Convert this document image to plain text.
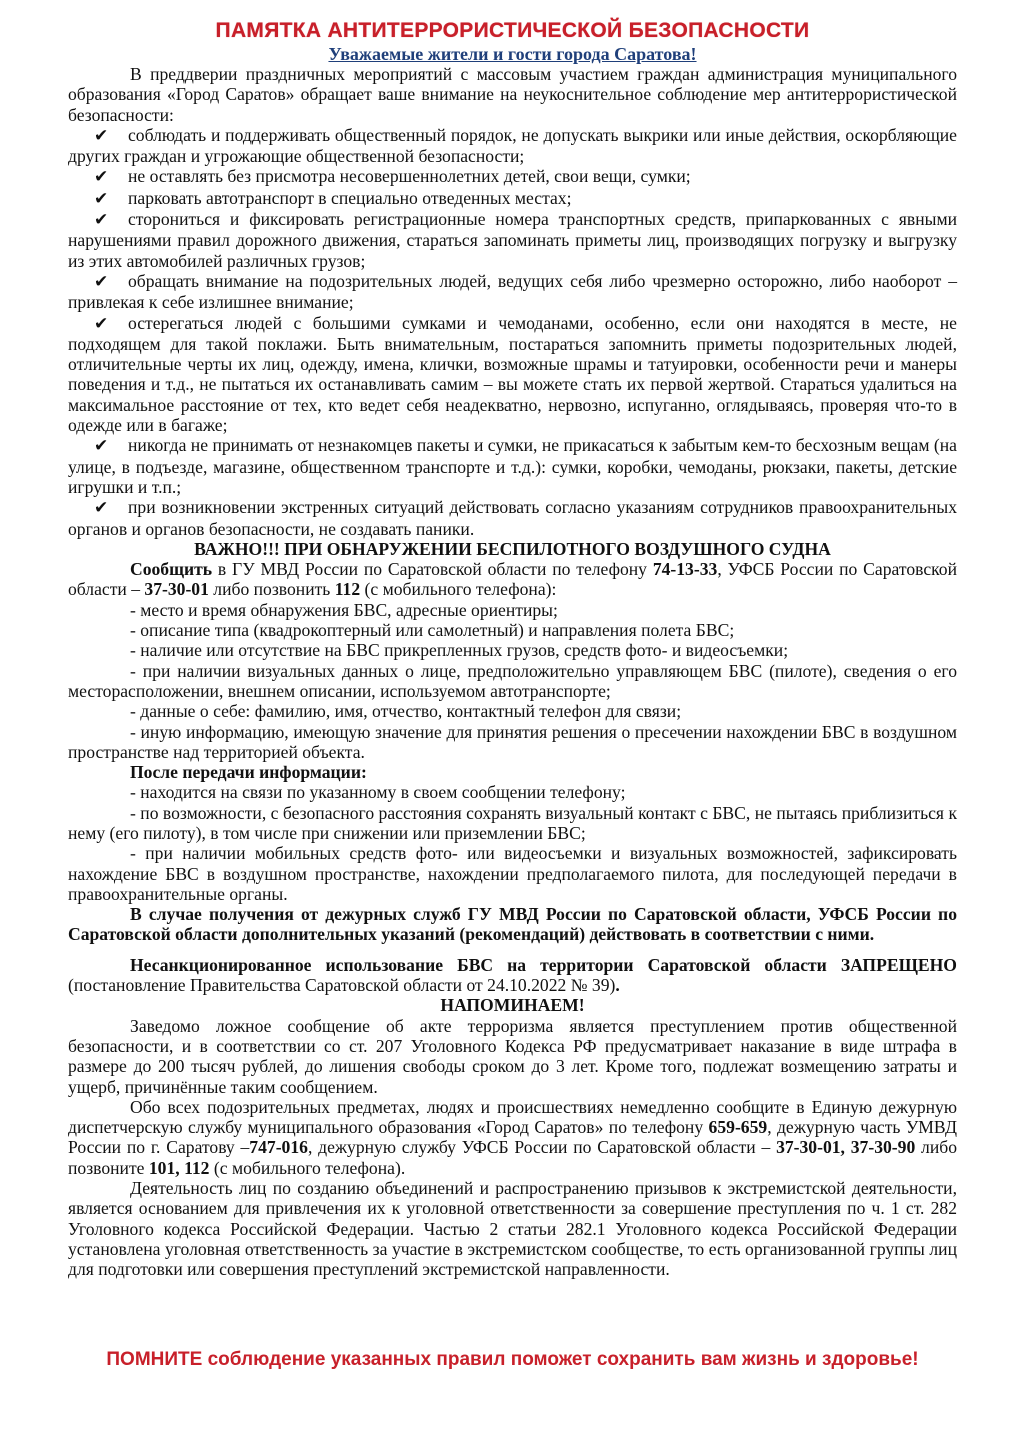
ПАМЯТКА АНТИТЕРРОРИСТИЧЕСКОЙ БЕЗОПАСНОСТИ
Уважаемые жители и гости города Саратова!

В преддверии праздничных мероприятий с массовым участием граждан администрация муниципального образования «Город Саратов» обращает ваше внимание на неукоснительное соблюдение мер антитеррористической безопасности:

✔ соблюдать и поддерживать общественный порядок, не допускать выкрики или иные действия, оскорбляющие других граждан и угрожающие общественной безопасности;

✔ не оставлять без присмотра несовершеннолетних детей, свои вещи, сумки;

✔ парковать автотранспорт в специально отведенных местах;

✔ сторониться и фиксировать регистрационные номера транспортных средств, припаркованных с явными нарушениями правил дорожного движения, стараться запоминать приметы лиц, производящих погрузку и выгрузку из этих автомобилей различных грузов;

✔ обращать внимание на подозрительных людей, ведущих себя либо чрезмерно осторожно, либо наоборот – привлекая к себе излишнее внимание;

✔ остерегаться людей с большими сумками и чемоданами, особенно, если они находятся в месте, не подходящем для такой поклажи. Быть внимательным, постараться запомнить приметы подозрительных людей, отличительные черты их лиц, одежду, имена, клички, возможные шрамы и татуировки, особенности речи и манеры поведения и т.д., не пытаться их останавливать самим – вы можете стать их первой жертвой. Стараться удалиться на максимальное расстояние от тех, кто ведет себя неадекватно, нервозно, испуганно, оглядываясь, проверяя что-то в одежде или в багаже;

✔ никогда не принимать от незнакомцев пакеты и сумки, не прикасаться к забытым кем-то бесхозным вещам (на улице, в подъезде, магазине, общественном транспорте и т.д.): сумки, коробки, чемоданы, рюкзаки, пакеты, детские игрушки и т.п.;

✔ при возникновении экстренных ситуаций действовать согласно указаниям сотрудников правоохранительных органов и органов безопасности, не создавать паники.

ВАЖНО!!! ПРИ ОБНАРУЖЕНИИ БЕСПИЛОТНОГО ВОЗДУШНОГО СУДНА

Сообщить в ГУ МВД России по Саратовской области по телефону 74-13-33, УФСБ России по Саратовской области – 37-30-01 либо позвонить 112 (с мобильного телефона):

- место и время обнаружения БВС, адресные ориентиры;

- описание типа (квадрокоптерный или самолетный) и направления полета БВС;

- наличие или отсутствие на БВС прикрепленных грузов, средств фото- и видеосъемки;

- при наличии визуальных данных о лице, предположительно управляющем БВС (пилоте), сведения о его месторасположении, внешнем описании, используемом автотранспорте;

- данные о себе: фамилию, имя, отчество, контактный телефон для связи;

- иную информацию, имеющую значение для принятия решения о пресечении нахождении БВС в воздушном пространстве над территорией объекта.

После передачи информации:

- находится на связи по указанному в своем сообщении телефону;

- по возможности, с безопасного расстояния сохранять визуальный контакт с БВС, не пытаясь приблизиться к нему (его пилоту), в том числе при снижении или приземлении БВС;

- при наличии мобильных средств фото- или видеосъемки и визуальных возможностей, зафиксировать нахождение БВС в воздушном пространстве, нахождении предполагаемого пилота, для последующей передачи в правоохранительные органы.

В случае получения от дежурных служб ГУ МВД России по Саратовской области, УФСБ России по Саратовской области дополнительных указаний (рекомендаций) действовать в соответствии с ними.

Несанкционированное использование БВС на территории Саратовской области ЗАПРЕЩЕНО (постановление Правительства Саратовской области от 24.10.2022 № 39).

НАПОМИНАЕМ!

Заведомо ложное сообщение об акте терроризма является преступлением против общественной безопасности, и в соответствии со ст. 207 Уголовного Кодекса РФ предусматривает наказание в виде штрафа в размере до 200 тысяч рублей, до лишения свободы сроком до 3 лет. Кроме того, подлежат возмещению затраты и ущерб, причинённые таким сообщением.

Обо всех подозрительных предметах, людях и происшествиях немедленно сообщите в Единую дежурную диспетчерскую службу муниципального образования «Город Саратов» по телефону 659-659, дежурную часть УМВД России по г. Саратову –747-016, дежурную службу УФСБ России по Саратовской области – 37-30-01, 37-30-90 либо позвоните 101, 112 (с мобильного телефона).

Деятельность лиц по созданию объединений и распространению призывов к экстремистской деятельности, является основанием для привлечения их к уголовной ответственности за совершение преступления по ч. 1 ст. 282 Уголовного кодекса Российской Федерации. Частью 2 статьи 282.1 Уголовного кодекса Российской Федерации установлена уголовная ответственность за участие в экстремистском сообществе, то есть организованной группы лиц для подготовки или совершения преступлений экстремистской направленности.

ПОМНИТЕ соблюдение указанных правил поможет сохранить вам жизнь и здоровье!
